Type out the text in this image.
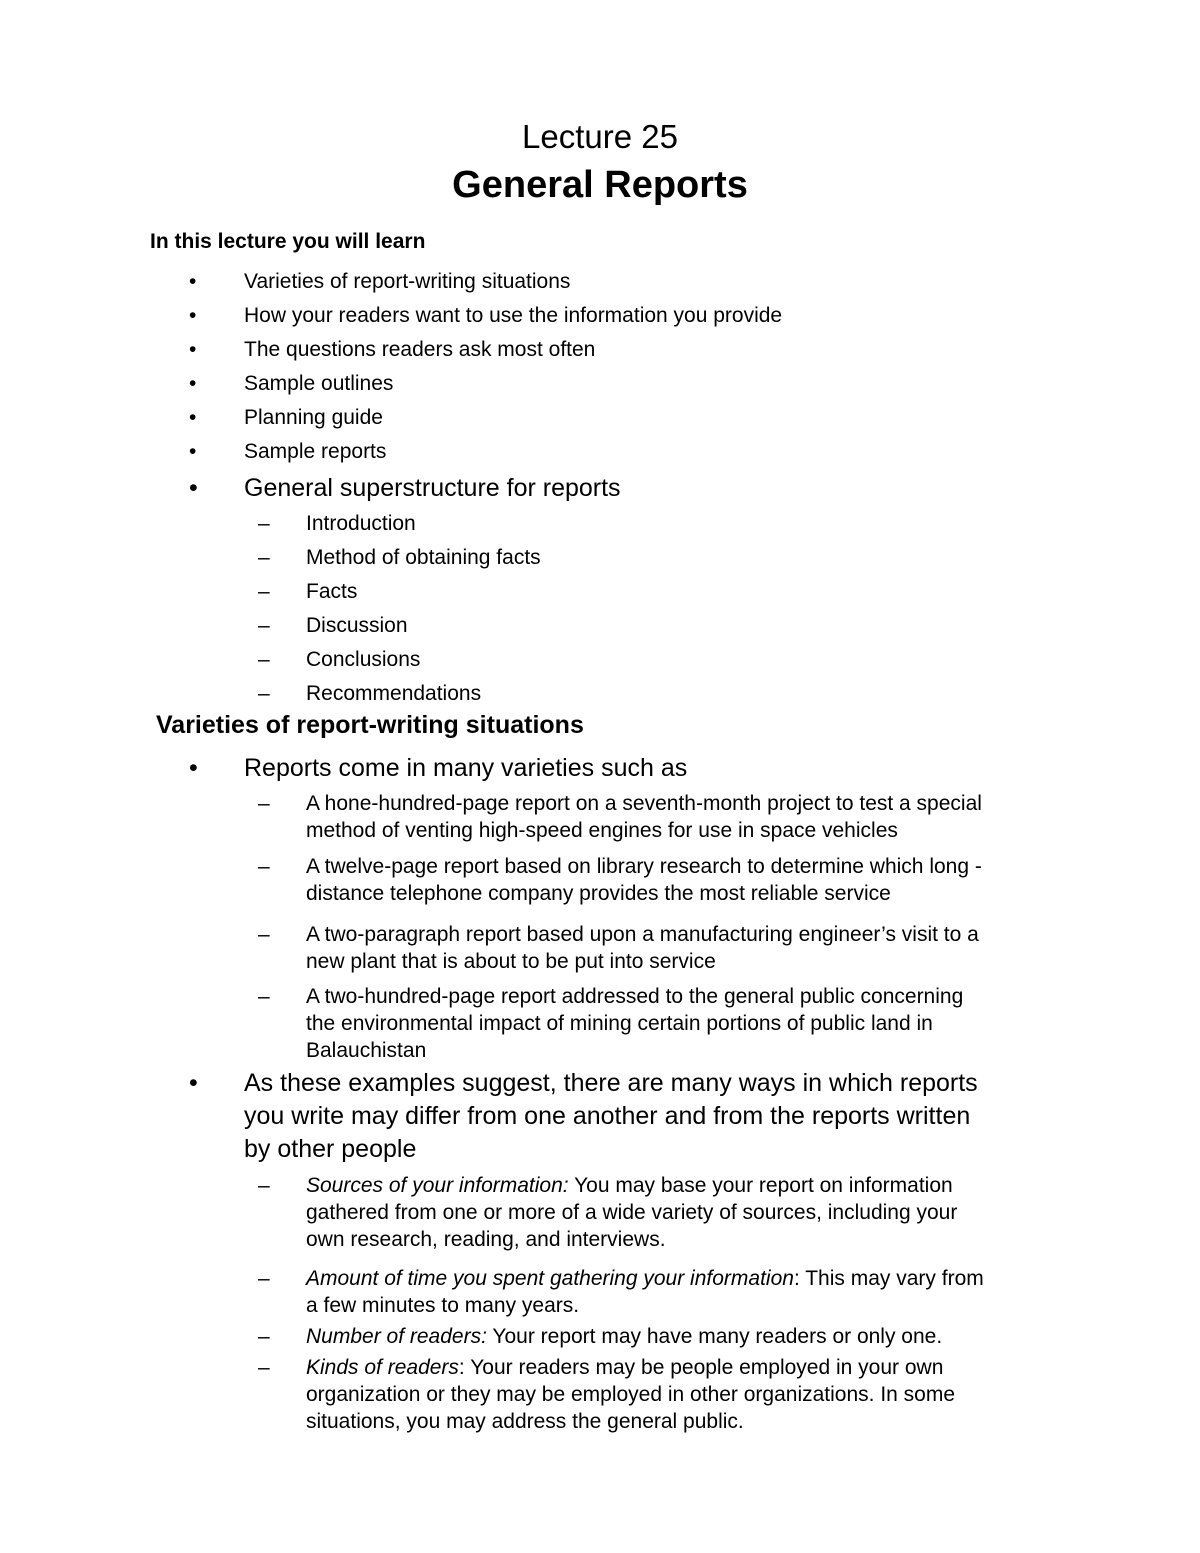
Lecture 25
General Reports
In this lecture you will learn
• Varieties of report-writing situations
• How your readers want to use the information you provide
• The questions readers ask most often
• Sample outlines
• Planning guide
• Sample reports
• General superstructure for reports
– Introduction
– Method of obtaining facts
– Facts
– Discussion
– Conclusions
– Recommendations
Varieties of report-writing situations
• Reports come in many varieties such as
– A hone-hundred-page report on a seventh-month project to test a special
method of venting high-speed engines for use in space vehicles
– A twelve-page report based on library research to determine which long -
distance telephone company provides the most reliable service
– A two-paragraph report based upon a manufacturing engineer’s visit to a
new plant that is about to be put into service
– A two-hundred-page report addressed to the general public concerning
the environmental impact of mining certain portions of public land in
Balauchistan
• As these examples suggest, there are many ways in which reports
you write may differ from one another and from the reports written
by other people
– Sources of your information: You may base your report on information
gathered from one or more of a wide variety of sources, including your
own research, reading, and interviews.
– Amount of time you spent gathering your information: This may vary from
a few minutes to many years.
– Number of readers: Your report may have many readers or only one.
– Kinds of readers: Your readers may be people employed in your own
organization or they may be employed in other organizations. In some
situations, you may address the general public.
